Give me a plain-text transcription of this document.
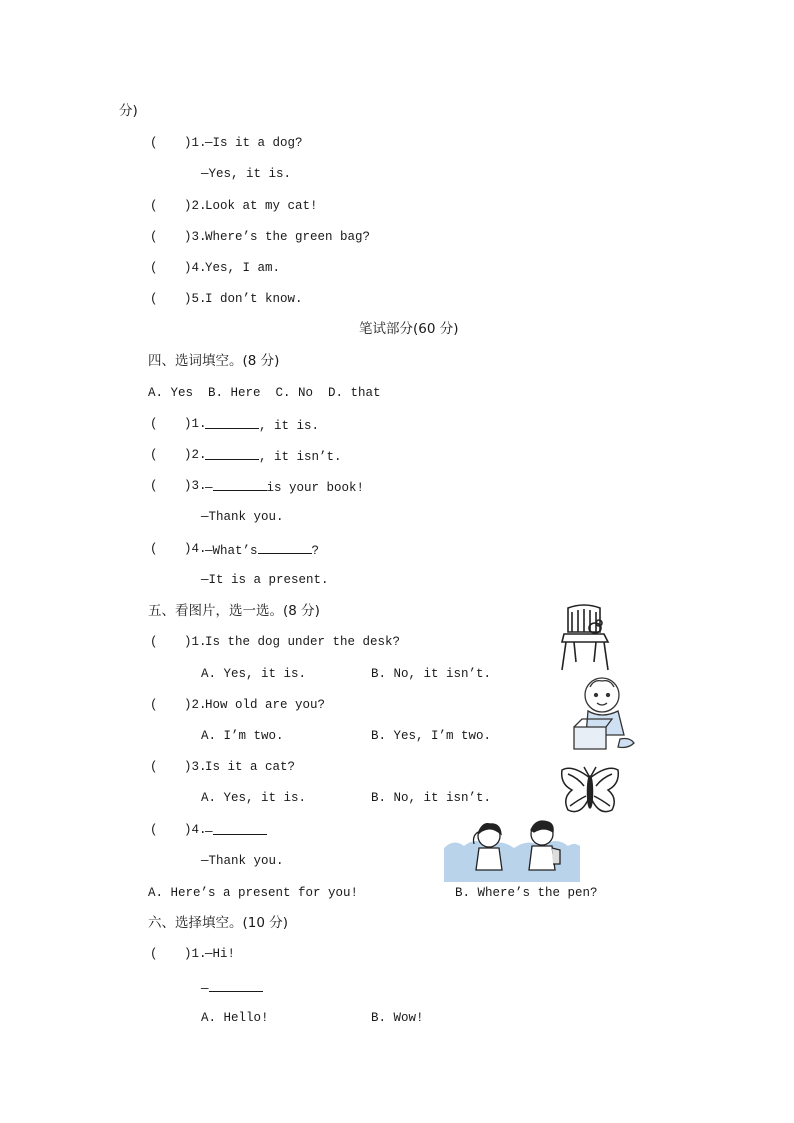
分)
( )1.
—Is it a dog?
—Yes, it is.
( )2.
Look at my cat!
( )3.
Where’s the green bag?
( )4.
Yes, I am.
( )5.
I don’t know.
笔试部分(60 分)
四、选词填空。(8 分)
A. Yes  B. Here  C. No  D. that
( )1.	, it is.
( )2.	, it isn’t.
( )3.
—	is your book!
—Thank you.
( )4.
—What’s	?
—It is a present.
五、看图片，选一选。(8 分)
( )1.
Is the dog under the desk?
A. Yes, it is.	B. No, it isn’t.
( )2.
How old are you?
A. I’m two.	B. Yes, I’m two.
( )3.
Is it a cat?
A. Yes, it is.	B. No, it isn’t.
( )4.
—
—Thank you.
A. Here’s a present for you!	B. Where’s the pen?
六、选择填空。(10 分)
( )1.
—Hi!
—
A. Hello!	B. Wow!
